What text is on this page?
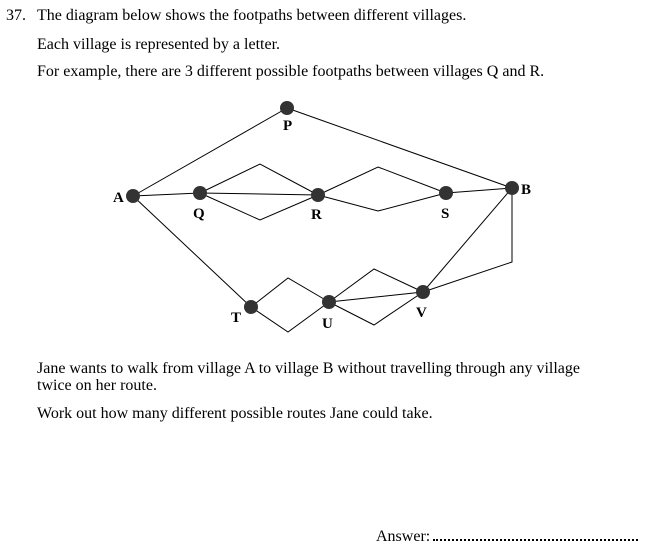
37. The diagram below shows the footpaths between different villages.
Each village is represented by a letter.
For example, there are 3 different possible footpaths between villages Q and R.
A
P
Q	R	S
B
T	U
V
Jane wants to walk from village A to village B without travelling through any village
twice on her route.
Work out how many different possible routes Jane could take.
Answer:
